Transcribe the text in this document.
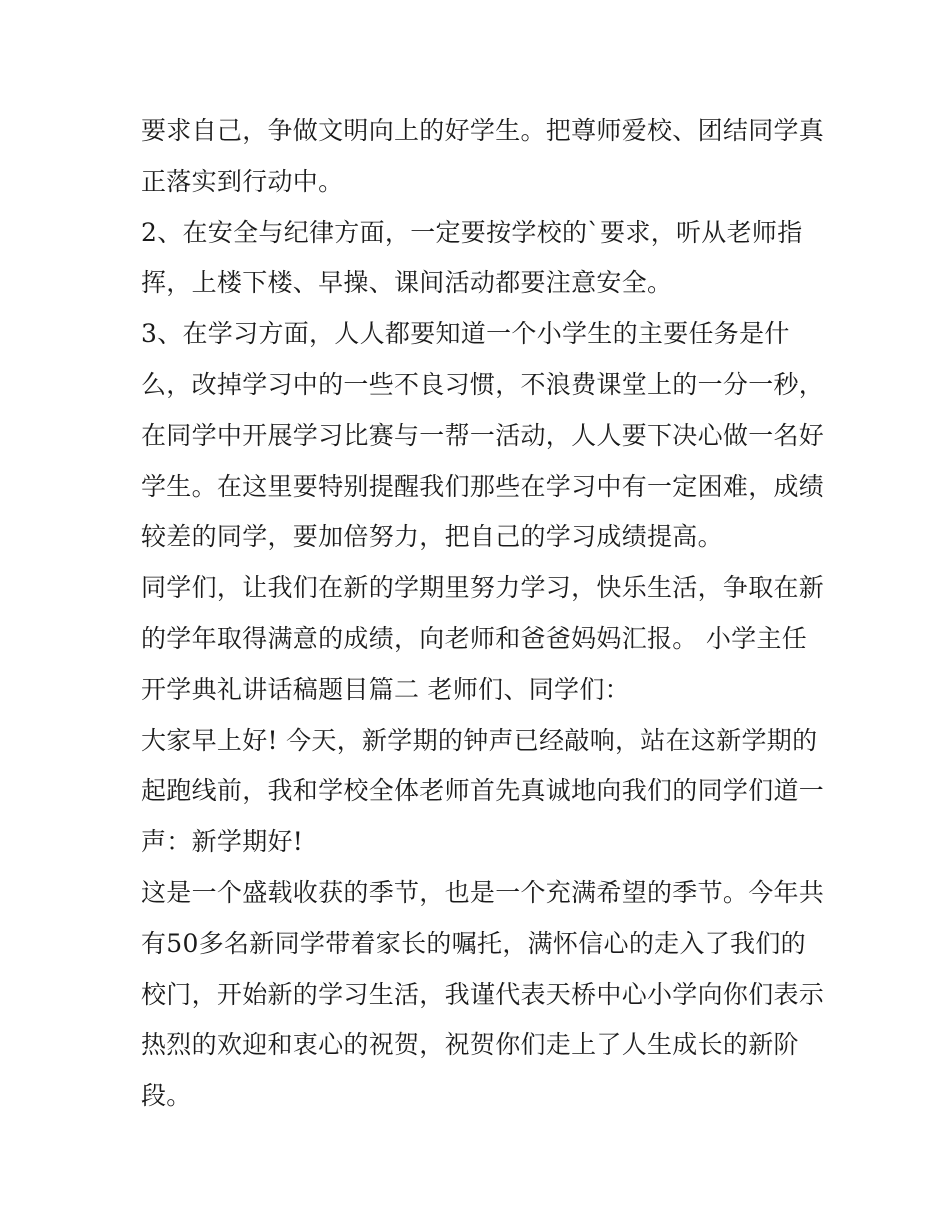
要求自己，争做文明向上的好学生。把尊师爱校、团结同学真
正落实到行动中。
2、在安全与纪律方面，一定要按学校的`要求，听从老师指
挥，上楼下楼、早操、课间活动都要注意安全。
3、在学习方面，人人都要知道一个小学生的主要任务是什
么，改掉学习中的一些不良习惯，不浪费课堂上的一分一秒，
在同学中开展学习比赛与一帮一活动，人人要下决心做一名好
学生。在这里要特别提醒我们那些在学习中有一定困难，成绩
较差的同学，要加倍努力，把自己的学习成绩提高。
同学们，让我们在新的学期里努力学习，快乐生活，争取在新
的学年取得满意的成绩，向老师和爸爸妈妈汇报。 小学主任
开学典礼讲话稿题目篇二 老师们、同学们：
大家早上好! 今天，新学期的钟声已经敲响，站在这新学期的
起跑线前，我和学校全体老师首先真诚地向我们的同学们道一
声：新学期好!
这是一个盛载收获的季节，也是一个充满希望的季节。今年共
有50多名新同学带着家长的嘱托，满怀信心的走入了我们的
校门，开始新的学习生活，我谨代表天桥中心小学向你们表示
热烈的欢迎和衷心的祝贺，祝贺你们走上了人生成长的新阶
段。
